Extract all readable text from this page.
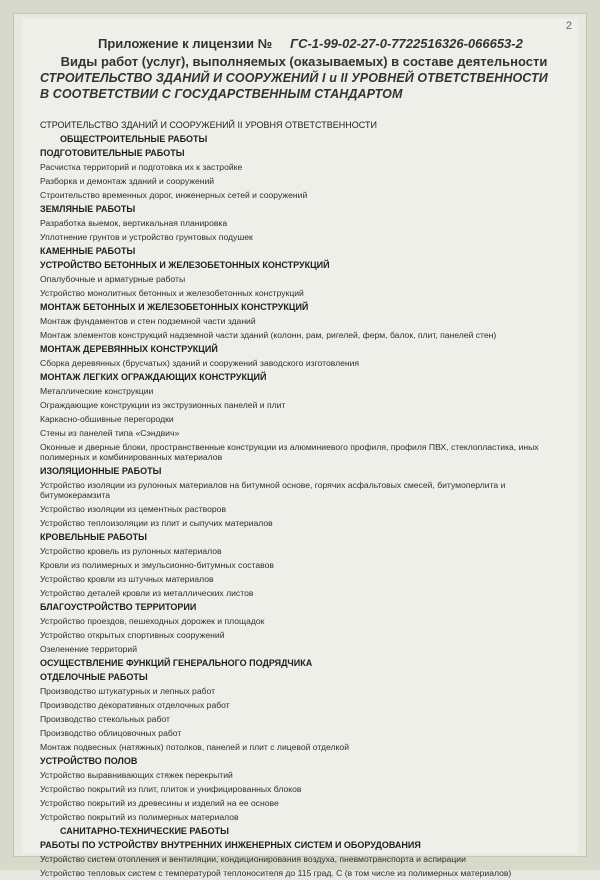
2
Приложение к лицензии № ГС-1-99-02-27-0-7722516326-066653-2
Виды работ (услуг), выполняемых (оказываемых) в составе деятельности
СТРОИТЕЛЬСТВО ЗДАНИЙ И СООРУЖЕНИЙ I и II УРОВНЕЙ ОТВЕТСТВЕННОСТИ
В СООТВЕТСТВИИ С ГОСУДАРСТВЕННЫМ СТАНДАРТОМ
СТРОИТЕЛЬСТВО ЗДАНИЙ И СООРУЖЕНИЙ II УРОВНЯ ОТВЕТСТВЕННОСТИ
ОБЩЕСТРОИТЕЛЬНЫЕ РАБОТЫ
ПОДГОТОВИТЕЛЬНЫЕ РАБОТЫ
Расчистка территорий и подготовка их к застройке
Разборка и демонтаж зданий и сооружений
Строительство временных дорог, инженерных сетей и сооружений
ЗЕМЛЯНЫЕ РАБОТЫ
Разработка выемок, вертикальная планировка
Уплотнение грунтов и устройство грунтовых подушек
КАМЕННЫЕ РАБОТЫ
УСТРОЙСТВО БЕТОННЫХ И ЖЕЛЕЗОБЕТОННЫХ КОНСТРУКЦИЙ
Опалубочные и арматурные работы
Устройство монолитных бетонных и железобетонных конструкций
МОНТАЖ БЕТОННЫХ И ЖЕЛЕЗОБЕТОННЫХ КОНСТРУКЦИЙ
Монтаж фундаментов и стен подземной части зданий
Монтаж элементов конструкций надземной части зданий (колонн, рам, ригелей, ферм, балок, плит, панелей стен)
МОНТАЖ ДЕРЕВЯННЫХ КОНСТРУКЦИЙ
Сборка деревянных (брусчатых) зданий и сооружений заводского изготовления
МОНТАЖ ЛЕГКИХ ОГРАЖДАЮЩИХ КОНСТРУКЦИЙ
Металлические конструкции
Ограждающие конструкции из экструзионных панелей и плит
Каркасно-обшивные перегородки
Стены из панелей типа «Сэндвич»
Оконные и дверные блоки, пространственные конструкции из алюминиевого профиля, профиля ПВХ, стеклопластика, иных полимерных и комбинированных материалов
ИЗОЛЯЦИОННЫЕ РАБОТЫ
Устройство изоляции из рулонных материалов на битумной основе, горячих асфальтовых смесей, битумоперлита и битумокерамзита
Устройство изоляции из цементных растворов
Устройство теплоизоляции из плит и сыпучих материалов
КРОВЕЛЬНЫЕ РАБОТЫ
Устройство кровель из рулонных материалов
Кровли из полимерных и эмульсионно-битумных составов
Устройство кровли из штучных материалов
Устройство деталей кровли из металлических листов
БЛАГОУСТРОЙСТВО ТЕРРИТОРИИ
Устройство проездов, пешеходных дорожек и площадок
Устройство открытых спортивных сооружений
Озеленение территорий
ОСУЩЕСТВЛЕНИЕ ФУНКЦИЙ ГЕНЕРАЛЬНОГО ПОДРЯДЧИКА
ОТДЕЛОЧНЫЕ РАБОТЫ
Производство штукатурных и лепных работ
Производство декоративных отделочных работ
Производство стекольных работ
Производство облицовочных работ
Монтаж подвесных (натяжных) потолков, панелей и плит с лицевой отделкой
УСТРОЙСТВО ПОЛОВ
Устройство выравнивающих стяжек перекрытий
Устройство покрытий из плит, плиток и унифицированных блоков
Устройство покрытий из древесины и изделий на ее основе
Устройство покрытий из полимерных материалов
САНИТАРНО-ТЕХНИЧЕСКИЕ РАБОТЫ
РАБОТЫ ПО УСТРОЙСТВУ ВНУТРЕННИХ ИНЖЕНЕРНЫХ СИСТЕМ И ОБОРУДОВАНИЯ
Устройство систем отопления и вентиляции, кондиционирования воздуха, пневмотранспорта и аспирации
Устройство тепловых систем с температурой теплоносителя до 115 град. С (в том числе из полимерных материалов)
